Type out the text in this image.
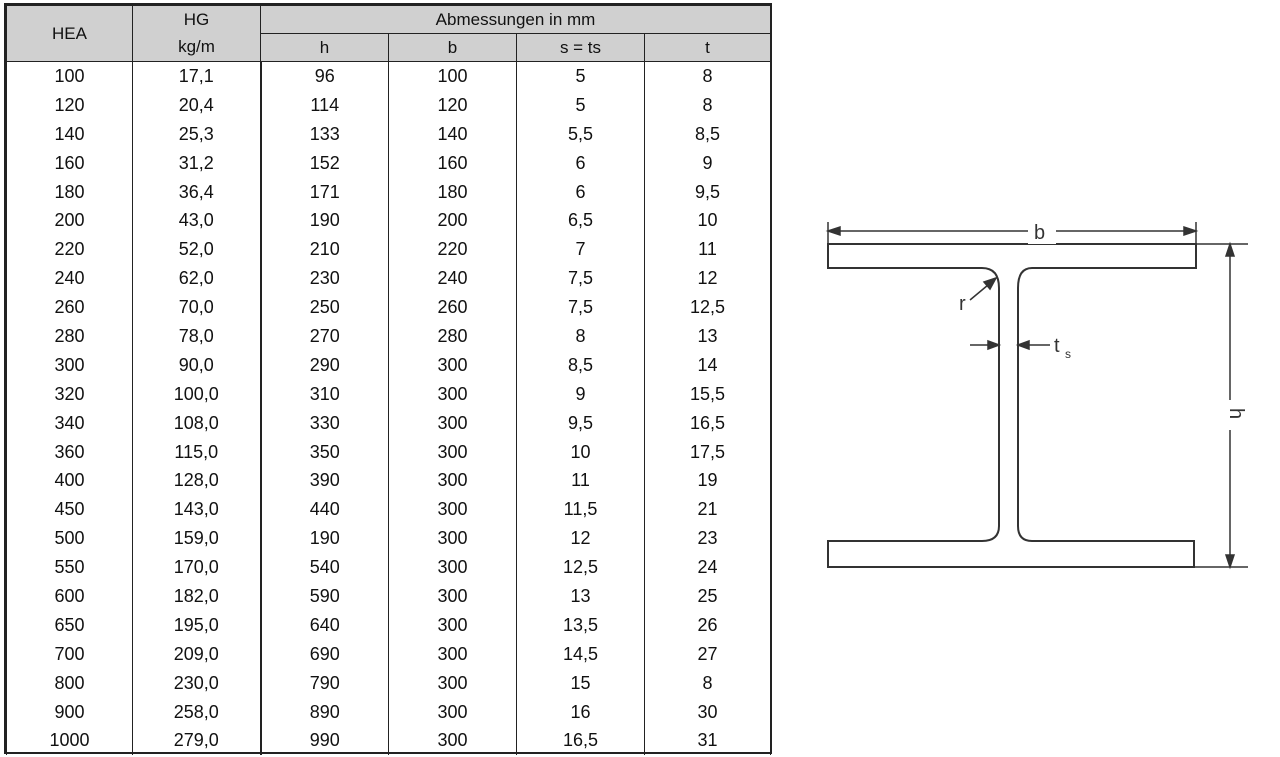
HEA	HG	Abmessungen in mm			
	kg/m	h	b	s = ts	t
100	17,1	96	100	5	8
120	20,4	114	120	5	8
140	25,3	133	140	5,5	8,5
160	31,2	152	160	6	9
180	36,4	171	180	6	9,5
200	43,0	190	200	6,5	10
220	52,0	210	220	7	11
240	62,0	230	240	7,5	12
260	70,0	250	260	7,5	12,5
280	78,0	270	280	8	13
300	90,0	290	300	8,5	14
320	100,0	310	300	9	15,5
340	108,0	330	300	9,5	16,5
360	115,0	350	300	10	17,5
400	128,0	390	300	11	19
450	143,0	440	300	11,5	21
500	159,0	190	300	12	23
550	170,0	540	300	12,5	24
600	182,0	590	300	13	25
650	195,0	640	300	13,5	26
700	209,0	690	300	14,5	27
800	230,0	790	300	15	8
900	258,0	890	300	16	30
1000	279,0	990	300	16,5	31
b
h
r
t s
